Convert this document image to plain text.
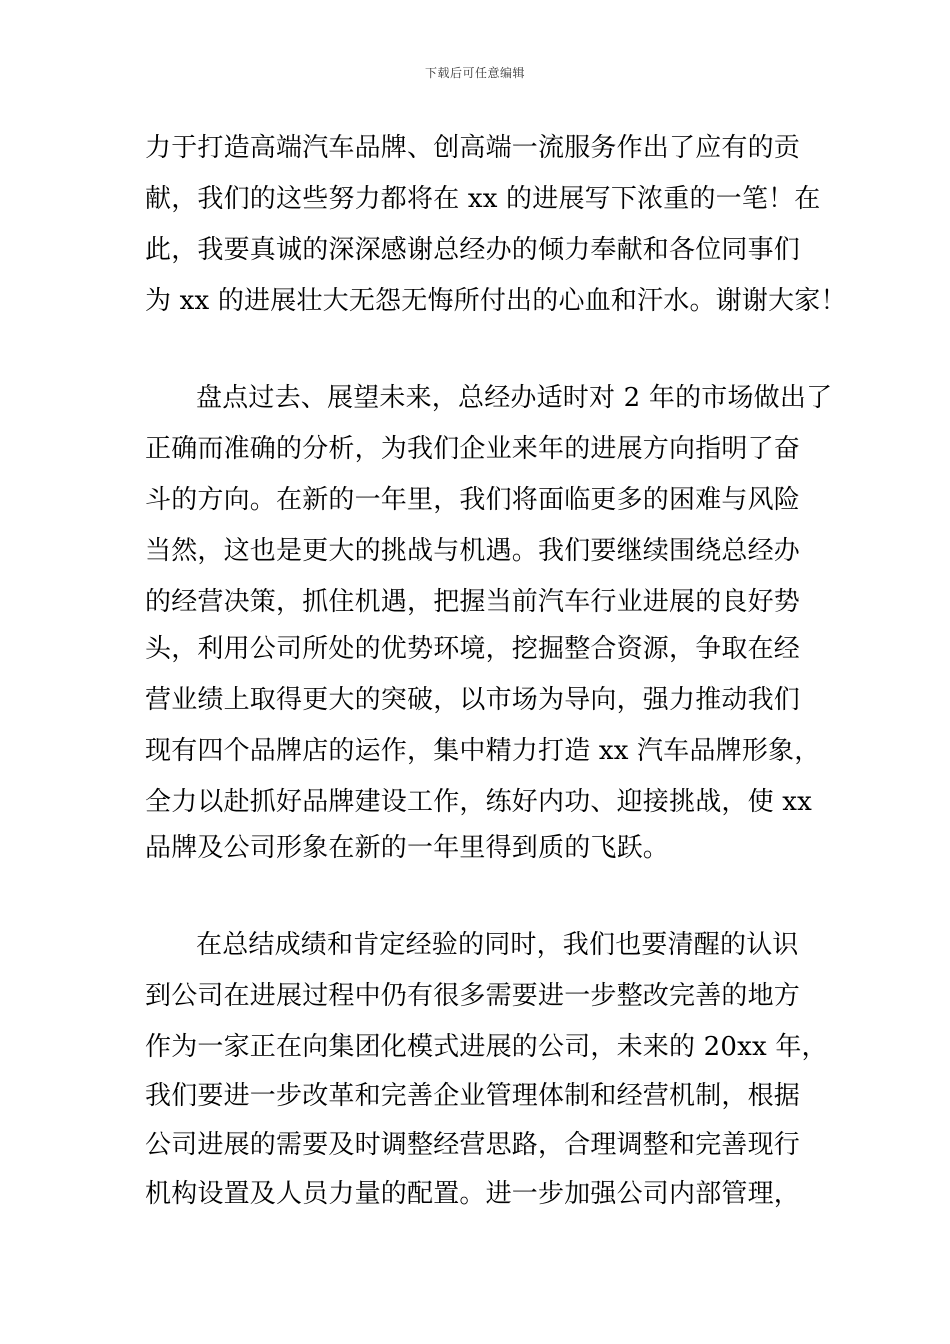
下载后可任意编辑
力于打造高端汽车品牌、创高端一流服务作出了应有的贡
献，我们的这些努力都将在 xx 的进展写下浓重的一笔！在
此，我要真诚的深深感谢总经办的倾力奉献和各位同事们
为 xx 的进展壮大无怨无悔所付出的心血和汗水。谢谢大家！
盘点过去、展望未来，总经办适时对 2 年的市场做出了
正确而准确的分析，为我们企业来年的进展方向指明了奋
斗的方向。在新的一年里，我们将面临更多的困难与风险
当然，这也是更大的挑战与机遇。我们要继续围绕总经办
的经营决策，抓住机遇，把握当前汽车行业进展的良好势
头，利用公司所处的优势环境，挖掘整合资源，争取在经
营业绩上取得更大的突破，以市场为导向，强力推动我们
现有四个品牌店的运作，集中精力打造 xx 汽车品牌形象，
全力以赴抓好品牌建设工作，练好内功、迎接挑战，使 xx
品牌及公司形象在新的一年里得到质的飞跃。
在总结成绩和肯定经验的同时，我们也要清醒的认识
到公司在进展过程中仍有很多需要进一步整改完善的地方
作为一家正在向集团化模式进展的公司，未来的 20xx 年，
我们要进一步改革和完善企业管理体制和经营机制，根据
公司进展的需要及时调整经营思路，合理调整和完善现行
机构设置及人员力量的配置。进一步加强公司内部管理，
